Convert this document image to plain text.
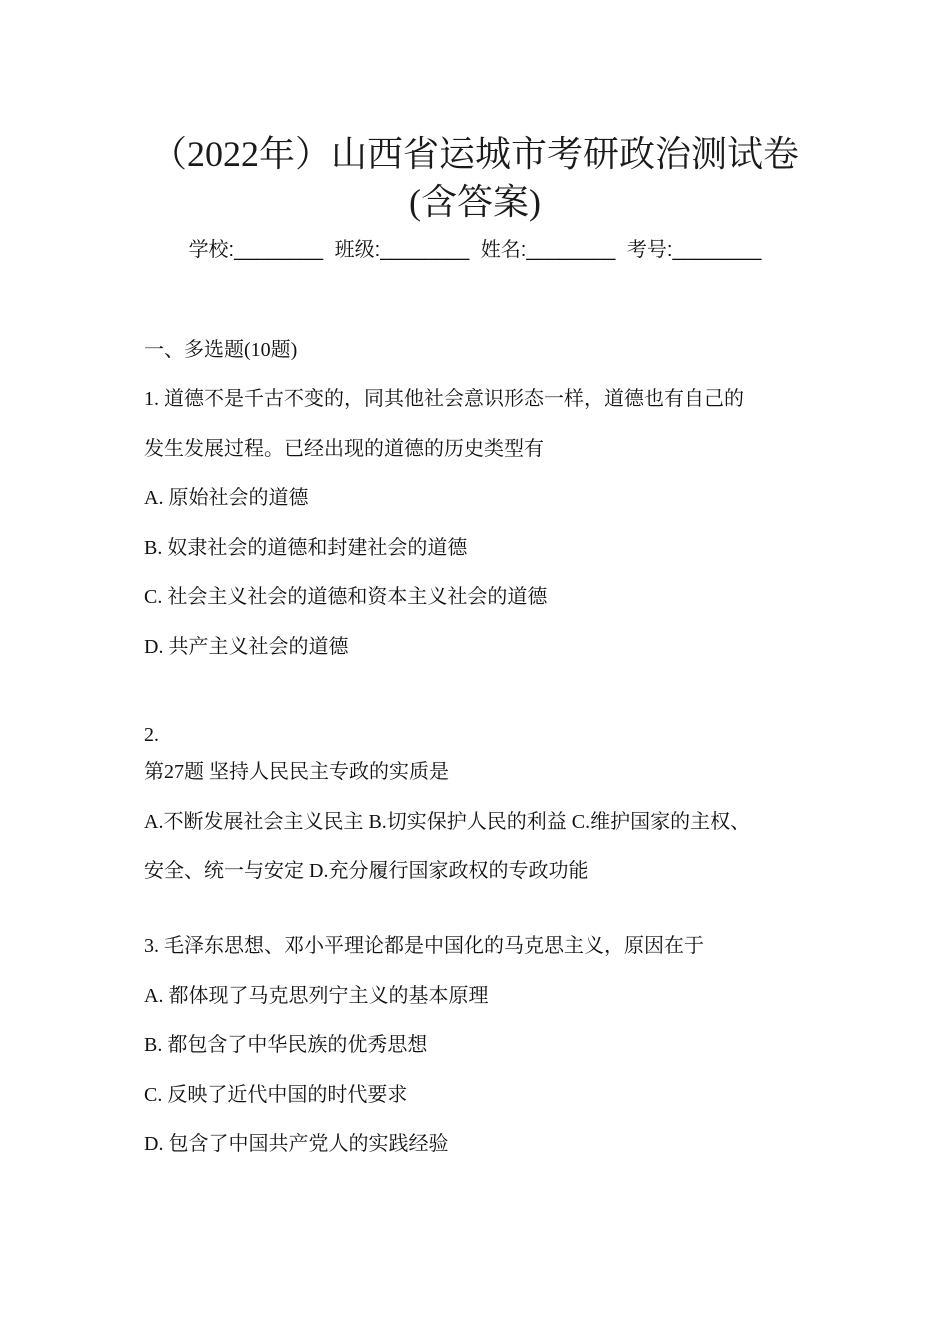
（2022年）山西省运城市考研政治测试卷
(含答案)
学校:________ 班级:________ 姓名:________ 考号:________
一、多选题(10题)
1. 道德不是千古不变的，同其他社会意识形态一样，道德也有自己的
发生发展过程。已经出现的道德的历史类型有
A. 原始社会的道德
B. 奴隶社会的道德和封建社会的道德
C. 社会主义社会的道德和资本主义社会的道德
D. 共产主义社会的道德
2.
第27题 坚持人民民主专政的实质是
A.不断发展社会主义民主 B.切实保护人民的利益 C.维护国家的主权、
安全、统一与安定 D.充分履行国家政权的专政功能
3. 毛泽东思想、邓小平理论都是中国化的马克思主义，原因在于
A. 都体现了马克思列宁主义的基本原理
B. 都包含了中华民族的优秀思想
C. 反映了近代中国的时代要求
D. 包含了中国共产党人的实践经验
